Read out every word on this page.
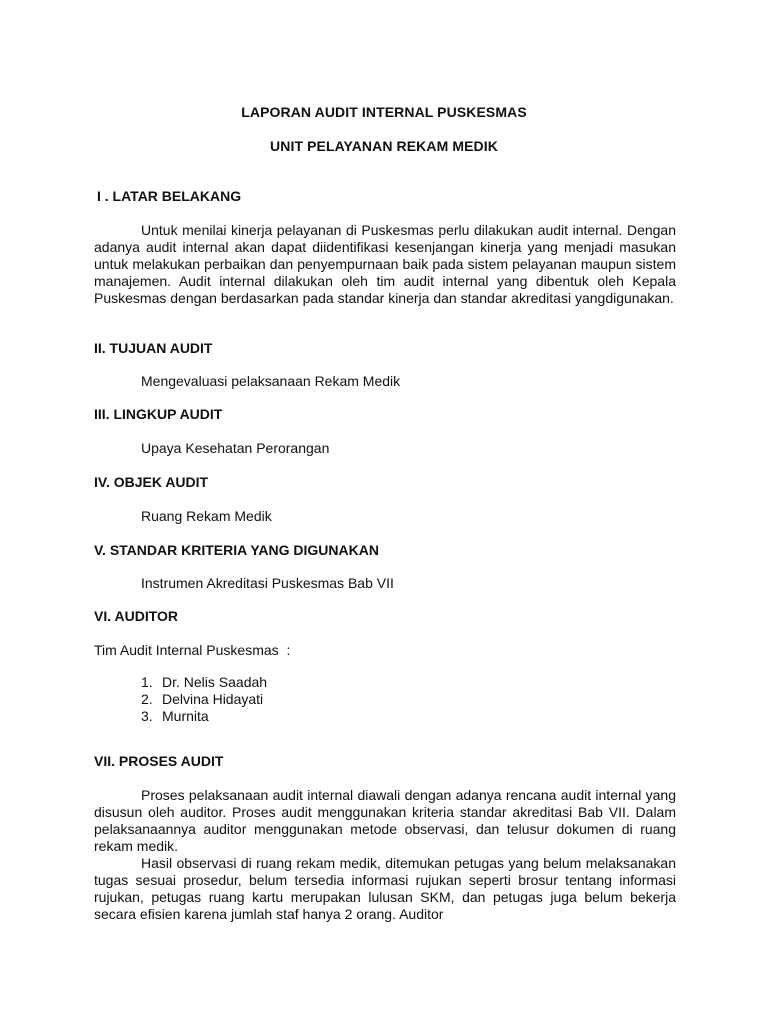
LAPORAN AUDIT INTERNAL PUSKESMAS
UNIT PELAYANAN REKAM MEDIK
I . LATAR BELAKANG

Untuk menilai kinerja pelayanan di Puskesmas perlu dilakukan audit internal. Dengan adanya audit internal akan dapat diidentifikasi kesenjangan kinerja yang menjadi masukan untuk melakukan perbaikan dan penyempurnaan baik pada sistem pelayanan maupun sistem manajemen. Audit internal dilakukan oleh tim audit internal yang dibentuk oleh Kepala Puskesmas dengan berdasarkan pada standar kinerja dan standar akreditasi yangdigunakan.

II. TUJUAN AUDIT
Mengevaluasi pelaksanaan Rekam Medik
III. LINGKUP AUDIT
Upaya Kesehatan Perorangan
IV. OBJEK AUDIT
Ruang Rekam Medik
V. STANDAR KRITERIA YANG DIGUNAKAN
Instrumen Akreditasi Puskesmas Bab VII
VI. AUDITOR
Tim Audit Internal Puskesmas  :
1. Dr. Nelis Saadah
2. Delvina Hidayati
3. Murnita
VII. PROSES AUDIT

Proses pelaksanaan audit internal diawali dengan adanya rencana audit internal yang disusun oleh auditor. Proses audit menggunakan kriteria standar akreditasi Bab VII. Dalam pelaksanaannya auditor menggunakan metode observasi, dan telusur dokumen di ruang rekam medik.

Hasil observasi di ruang rekam medik, ditemukan petugas yang belum melaksanakan tugas sesuai prosedur, belum tersedia informasi rujukan seperti brosur tentang informasi rujukan, petugas ruang kartu merupakan lulusan SKM, dan petugas juga belum bekerja secara efisien karena jumlah staf hanya 2 orang. Auditor
